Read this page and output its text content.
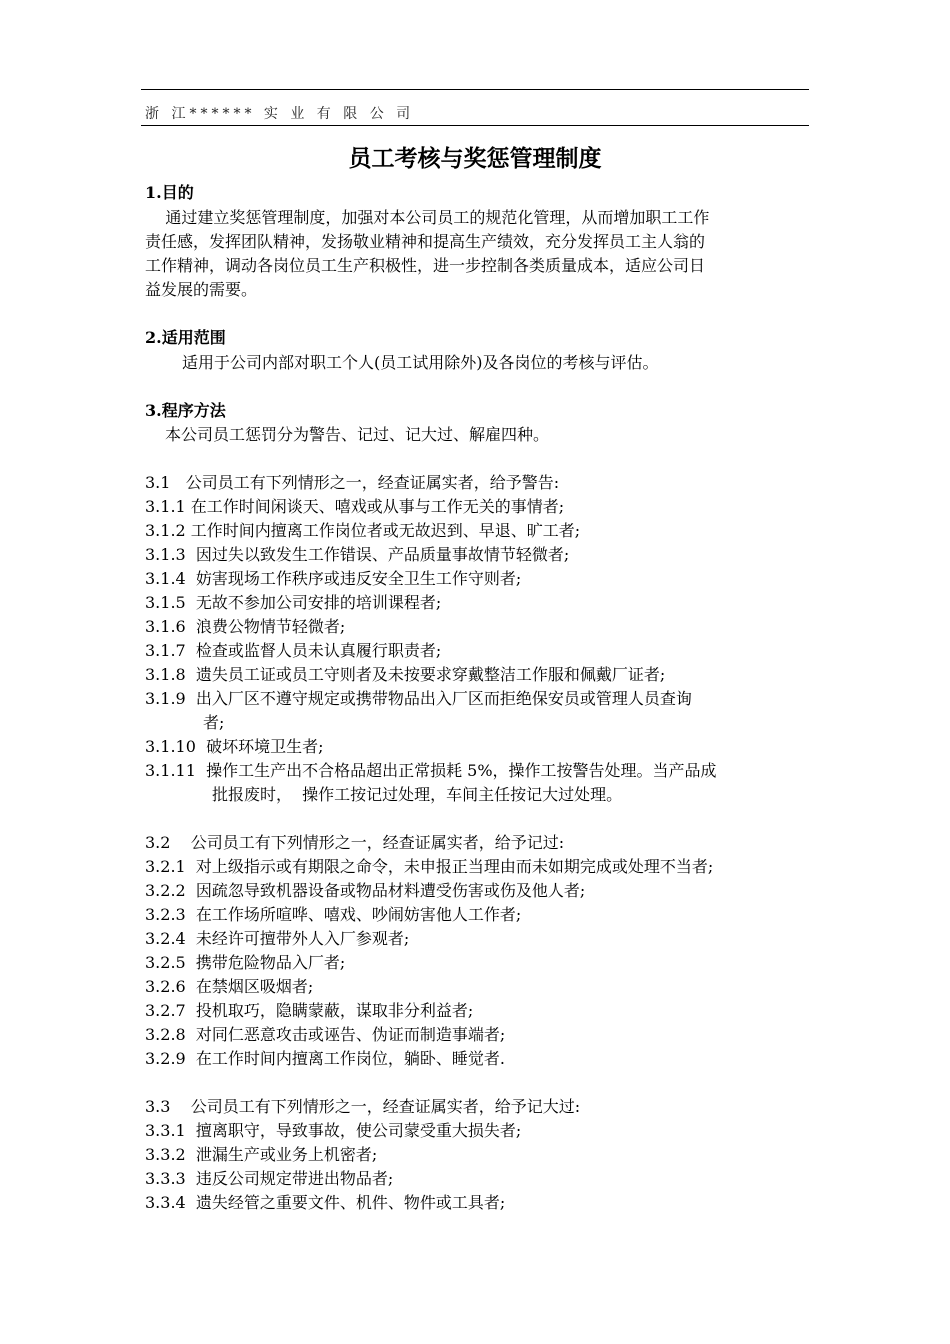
浙 江****** 实 业 有 限 公 司
员工考核与奖惩管理制度
1.目的
通过建立奖惩管理制度，加强对本公司员工的规范化管理，从而增加职工工作
责任感，发挥团队精神，发扬敬业精神和提高生产绩效，充分发挥员工主人翁的
工作精神，调动各岗位员工生产积极性，进一步控制各类质量成本，适应公司日
益发展的需要。
2.适用范围
适用于公司内部对职工个人(员工试用除外)及各岗位的考核与评估。
3.程序方法
本公司员工惩罚分为警告、记过、记大过、解雇四种。
3.1   公司员工有下列情形之一，经查证属实者，给予警告:
3.1.1 在工作时间闲谈天、嘻戏或从事与工作无关的事情者;
3.1.2 工作时间内擅离工作岗位者或无故迟到、早退、旷工者;
3.1.3  因过失以致发生工作错误、产品质量事故情节轻微者;
3.1.4  妨害现场工作秩序或违反安全卫生工作守则者;
3.1.5  无故不参加公司安排的培训课程者;
3.1.6  浪费公物情节轻微者;
3.1.7  检查或监督人员未认真履行职责者;
3.1.8  遗失员工证或员工守则者及未按要求穿戴整洁工作服和佩戴厂证者;
3.1.9  出入厂区不遵守规定或携带物品出入厂区而拒绝保安员或管理人员查询
者;
3.1.10  破坏环境卫生者;
3.1.11  操作工生产出不合格品超出正常损耗 5%，操作工按警告处理。当产品成
批报废时，  操作工按记过处理，车间主任按记大过处理。
3.2    公司员工有下列情形之一，经查证属实者，给予记过:
3.2.1  对上级指示或有期限之命令，未申报正当理由而未如期完成或处理不当者;
3.2.2  因疏忽导致机器设备或物品材料遭受伤害或伤及他人者;
3.2.3  在工作场所喧哗、嘻戏、吵闹妨害他人工作者;
3.2.4  未经许可擅带外人入厂参观者;
3.2.5  携带危险物品入厂者;
3.2.6  在禁烟区吸烟者;
3.2.7  投机取巧，隐瞒蒙蔽，谋取非分利益者;
3.2.8  对同仁恶意攻击或诬告、伪证而制造事端者;
3.2.9  在工作时间内擅离工作岗位，躺卧、睡觉者.
3.3    公司员工有下列情形之一，经查证属实者，给予记大过:
3.3.1  擅离职守，导致事故，使公司蒙受重大损失者;
3.3.2  泄漏生产或业务上机密者;
3.3.3  违反公司规定带进出物品者;
3.3.4  遗失经管之重要文件、机件、物件或工具者;
